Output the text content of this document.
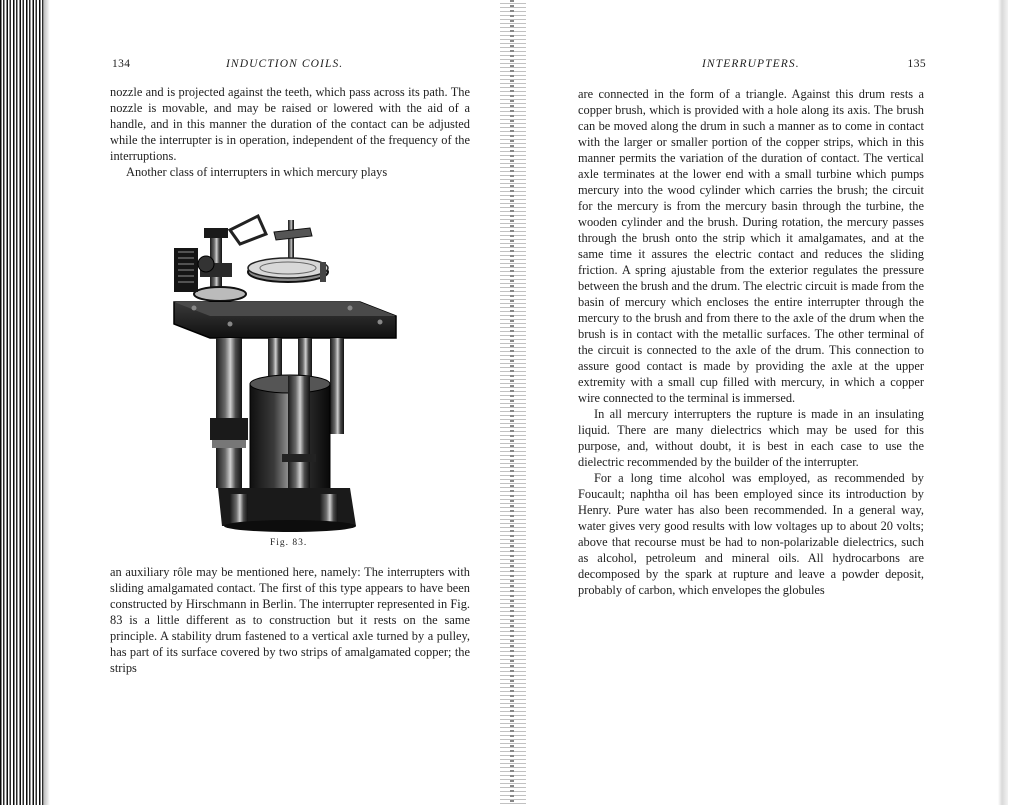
134	INDUCTION COILS.

nozzle and is projected against the teeth, which pass across its path. The nozzle is movable, and may be raised or lowered with the aid of a handle, and in this manner the duration of the contact can be adjusted while the interrupter is in operation, independent of the frequency of the interruptions.

Another class of interrupters in which mercury plays

Fig. 83.

an auxiliary rôle may be mentioned here, namely: The interrupters with sliding amalgamated contact. The first of this type appears to have been constructed by Hirschmann in Berlin. The interrupter represented in Fig. 83 is a little different as to construction but it rests on the same principle. A stability drum fastened to a vertical axle turned by a pulley, has part of its surface covered by two strips of amalgamated copper; the strips

INTERRUPTERS.	135

are connected in the form of a triangle. Against this drum rests a copper brush, which is provided with a hole along its axis. The brush can be moved along the drum in such a manner as to come in contact with the larger or smaller portion of the copper strips, which in this manner permits the variation of the duration of contact. The vertical axle terminates at the lower end with a small turbine which pumps mercury into the wood cylinder which carries the brush; the circuit for the mercury is from the mercury basin through the turbine, the wooden cylinder and the brush. During rotation, the mercury passes through the brush onto the strip which it amalgamates, and at the same time it assures the electric contact and reduces the sliding friction. A spring ajustable from the exterior regulates the pressure between the brush and the drum. The electric circuit is made from the basin of mercury which encloses the entire interrupter through the mercury to the brush and from there to the axle of the drum when the brush is in contact with the metallic surfaces. The other terminal of the circuit is connected to the axle of the drum. This connection to assure good contact is made by providing the axle at the upper extremity with a small cup filled with mercury, in which a copper wire connected to the terminal is immersed.

In all mercury interrupters the rupture is made in an insulating liquid. There are many dielectrics which may be used for this purpose, and, without doubt, it is best in each case to use the dielectric recommended by the builder of the interrupter.

For a long time alcohol was employed, as recommended by Foucault; naphtha oil has been employed since its introduction by Henry. Pure water has also been recommended. In a general way, water gives very good results with low voltages up to about 20 volts; above that recourse must be had to non-polarizable dielectrics, such as alcohol, petroleum and mineral oils. All hydrocarbons are decomposed by the spark at rupture and leave a powder deposit, probably of carbon, which envelopes the globules
